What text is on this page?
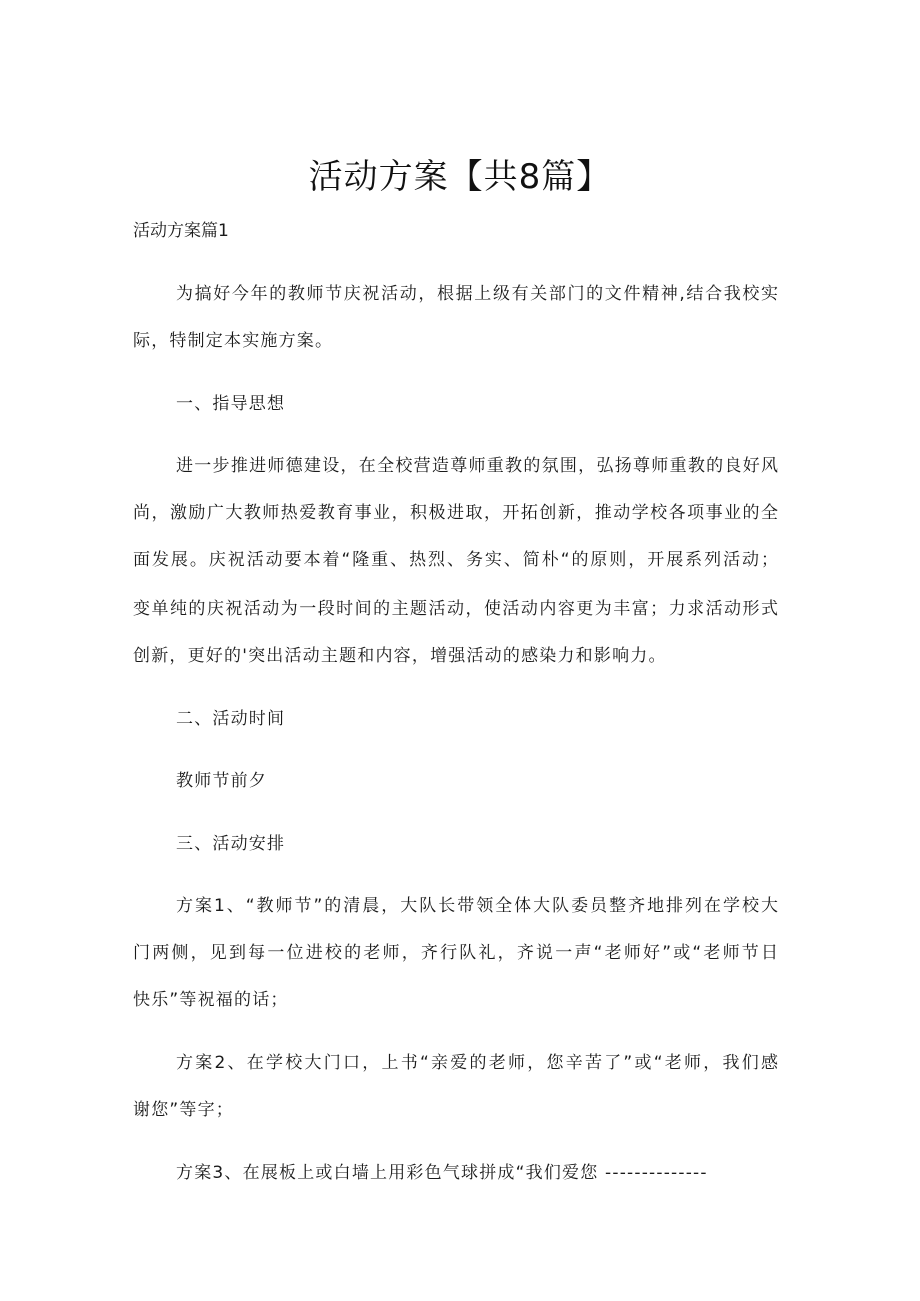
活动方案【共8篇】
活动方案篇1
为搞好今年的教师节庆祝活动，根据上级有关部门的文件精神,结合我校实
际，特制定本实施方案。
一、指导思想
进一步推进师德建设，在全校营造尊师重教的氛围，弘扬尊师重教的良好风
尚，激励广大教师热爱教育事业，积极进取，开拓创新，推动学校各项事业的全
面发展。庆祝活动要本着“隆重、热烈、务实、简朴“的原则，开展系列活动；
变单纯的庆祝活动为一段时间的主题活动，使活动内容更为丰富；力求活动形式
创新，更好的'突出活动主题和内容，增强活动的感染力和影响力。
二、活动时间
教师节前夕
三、活动安排
方案1、“教师节”的清晨，大队长带领全体大队委员整齐地排列在学校大
门两侧，见到每一位进校的老师，齐行队礼，齐说一声“老师好”或“老师节日
快乐”等祝福的话；
方案2、在学校大门口，上书“亲爱的老师，您辛苦了”或“老师，我们感
谢您”等字；
方案3、在展板上或白墙上用彩色气球拼成“我们爱您 --------------
